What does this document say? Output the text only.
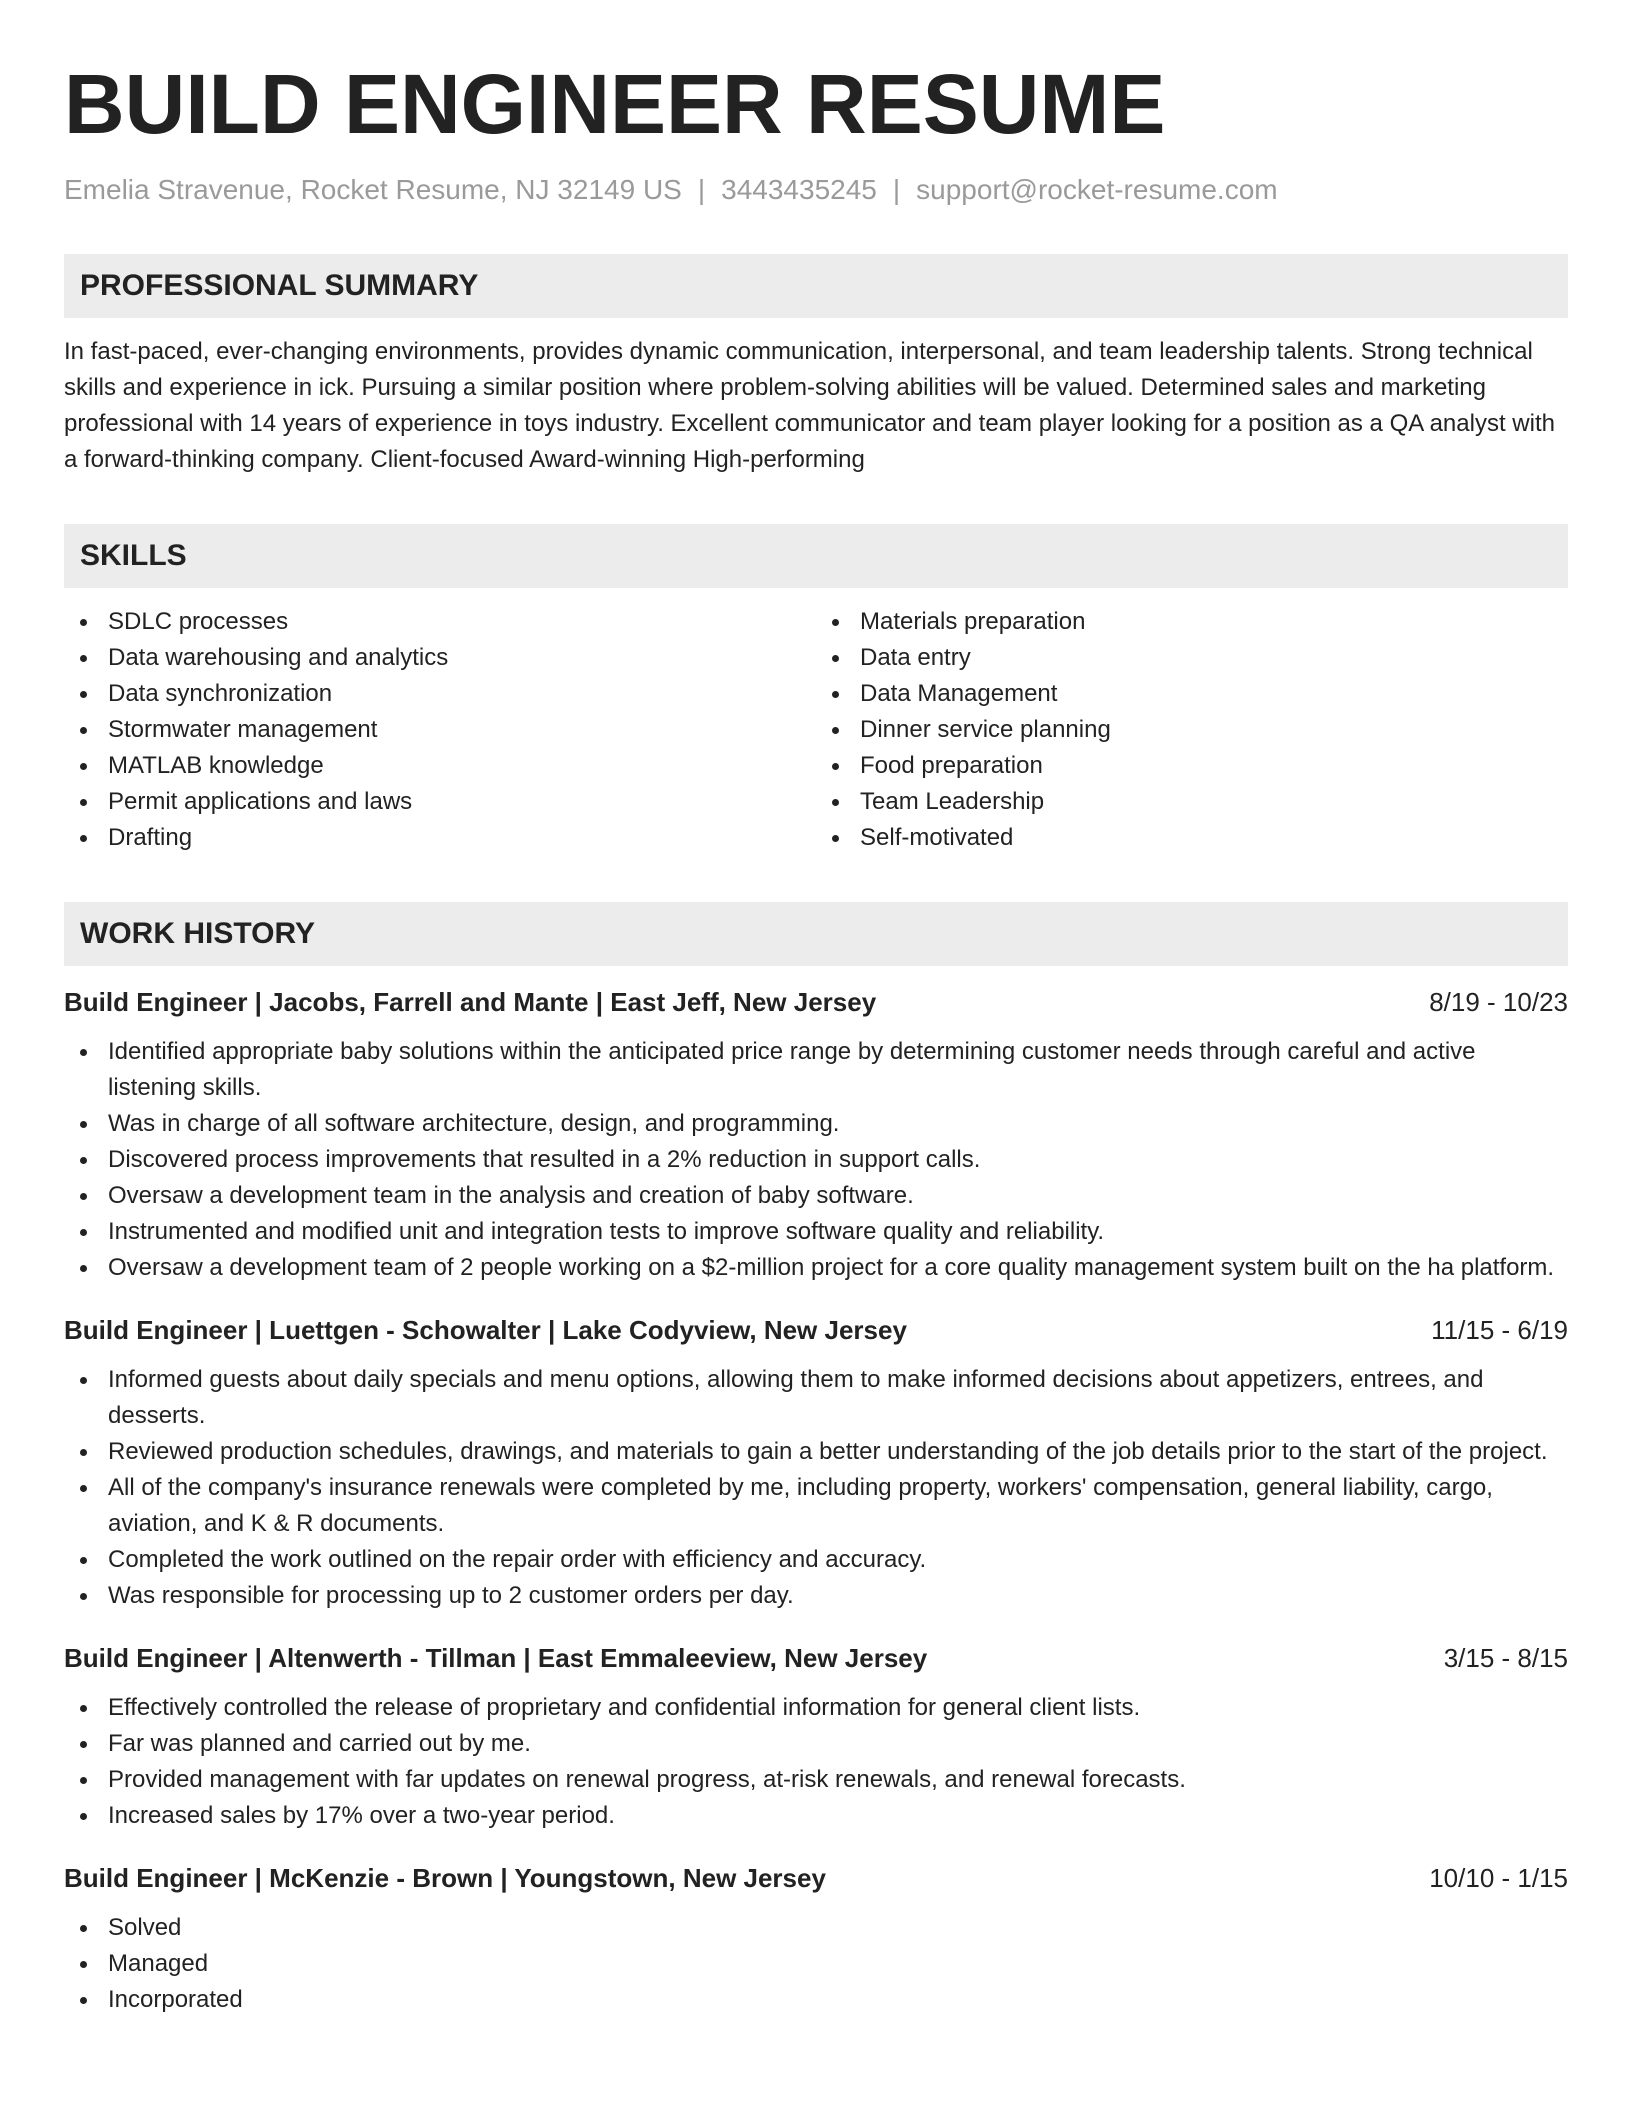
BUILD ENGINEER RESUME
Emelia Stravenue, Rocket Resume, NJ 32149 US | 3443435245 | support@rocket-resume.com
PROFESSIONAL SUMMARY

In fast-paced, ever-changing environments, provides dynamic communication, interpersonal, and team leadership talents. Strong technical skills and experience in ick. Pursuing a similar position where problem-solving abilities will be valued. Determined sales and marketing professional with 14 years of experience in toys industry. Excellent communicator and team player looking for a position as a QA analyst with a forward-thinking company. Client-focused Award-winning High-performing

SKILLS
SDLC processes
Data warehousing and analytics
Data synchronization
Stormwater management
MATLAB knowledge
Permit applications and laws
Drafting
Materials preparation
Data entry
Data Management
Dinner service planning
Food preparation
Team Leadership
Self-motivated
WORK HISTORY
Build Engineer | Jacobs, Farrell and Mante | East Jeff, New Jersey	8/19 - 10/23
Identified appropriate baby solutions within the anticipated price range by determining customer needs through careful and active listening skills.
Was in charge of all software architecture, design, and programming.
Discovered process improvements that resulted in a 2% reduction in support calls.
Oversaw a development team in the analysis and creation of baby software.
Instrumented and modified unit and integration tests to improve software quality and reliability.
Oversaw a development team of 2 people working on a $2-million project for a core quality management system built on the ha platform.
Build Engineer | Luettgen - Schowalter | Lake Codyview, New Jersey	11/15 - 6/19
Informed guests about daily specials and menu options, allowing them to make informed decisions about appetizers, entrees, and desserts.
Reviewed production schedules, drawings, and materials to gain a better understanding of the job details prior to the start of the project.
All of the company's insurance renewals were completed by me, including property, workers' compensation, general liability, cargo, aviation, and K & R documents.
Completed the work outlined on the repair order with efficiency and accuracy.
Was responsible for processing up to 2 customer orders per day.
Build Engineer | Altenwerth - Tillman | East Emmaleeview, New Jersey	3/15 - 8/15
Effectively controlled the release of proprietary and confidential information for general client lists.
Far was planned and carried out by me.
Provided management with far updates on renewal progress, at-risk renewals, and renewal forecasts.
Increased sales by 17% over a two-year period.
Build Engineer | McKenzie - Brown | Youngstown, New Jersey	10/10 - 1/15
Solved
Managed
Incorporated
